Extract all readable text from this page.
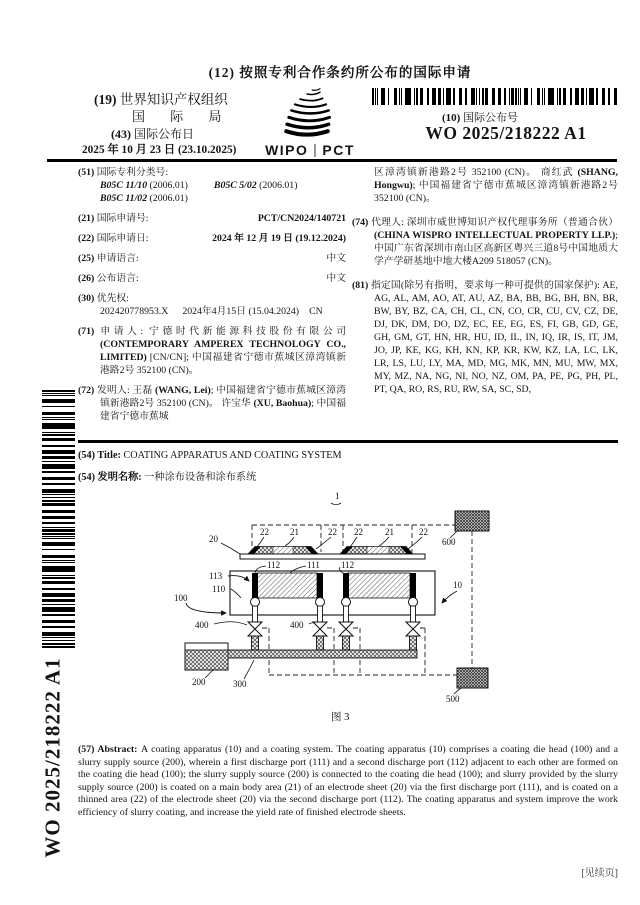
(12) 按照专利合作条约所公布的国际申请
(19) 世界知识产权组织
国 际 局
(43) 国际公布日
2025 年 10 月 23 日 (23.10.2025) WIPO PCT
(10) 国际公布号
WO 2025/218222 A1
WO 2025/218222 A1
(51) 国际专利分类号:
B05C 11/10 (2006.01)	B05C 5/02 (2006.01)
B05C 11/02 (2006.01)
(21) 国际申请号:	PCT/CN2024/140721
(22) 国际申请日:	2024 年 12 月 19 日 (19.12.2024)
(25) 申请语言:	中文
(26) 公布语言:	中文
(30) 优先权:
202420778953.X 2024年4月15日 (15.04.2024) CN
(71) 申请人: 宁德时代新能源科技股份有限公司 (CONTEMPORARY AMPEREX TECHNOLOGY CO., LIMITED) [CN/CN]; 中国福建省宁德市蕉城区漳湾镇新港路2号 352100 (CN)。
(72) 发明人: 王磊 (WANG, Lei); 中国福建省宁德市蕉城区漳湾镇新港路2号 352100 (CN)。 许宝华 (XU, Baohua); 中国福建省宁德市蕉城
区漳湾镇新港路2号 352100 (CN)。 商红武 (SHANG, Hongwu); 中国福建省宁德市蕉城区漳湾镇新港路2号 352100 (CN)。
(74) 代理人: 深圳市威世博知识产权代理事务所（普通合伙）(CHINA WISPRO INTELLECTUAL PROPERTY LLP.); 中国广东省深圳市南山区高新区粤兴三道8号中国地质大学产学研基地中地大楼A209 518057 (CN)。
(81) 指定国(除另有指明，要求每一种可提供的国家保护): AE, AG, AL, AM, AO, AT, AU, AZ, BA, BB, BG, BH, BN, BR, BW, BY, BZ, CA, CH, CL, CN, CO, CR, CU, CV, CZ, DE, DJ, DK, DM, DO, DZ, EC, EE, EG, ES, FI, GB, GD, GE, GH, GM, GT, HN, HR, HU, ID, IL, IN, IQ, IR, IS, IT, JM, JO, JP, KE, KG, KH, KN, KP, KR, KW, KZ, LA, LC, LK, LR, LS, LU, LY, MA, MD, MG, MK, MN, MU, MW, MX, MY, MZ, NA, NG, NI, NO, NZ, OM, PA, PE, PG, PH, PL, PT, QA, RO, RS, RU, RW, SA, SC, SD,
(54) Title: COATING APPARATUS AND COATING SYSTEM
(54) 发明名称: 一种涂布设备和涂布系统
1
20
22 21	22 22 21	22
600
112	111 112
113
110
100
10
400	400
200	300
500
图 3
(57) Abstract: A coating apparatus (10) and a coating system. The coating apparatus (10) comprises a coating die head (100) and a slurry supply source (200), wherein a first discharge port (111) and a second discharge port (112) adjacent to each other are formed on the coating die head (100); the slurry supply source (200) is connected to the coating die head (100); and slurry provided by the slurry supply source (200) is coated on a main body area (21) of an electrode sheet (20) via the first discharge port (111), and is coated on a thinned area (22) of the electrode sheet (20) via the second discharge port (112). The coating apparatus and system improve the work efficiency of slurry coating, and increase the yield rate of finished electrode sheets.
[见续页]
